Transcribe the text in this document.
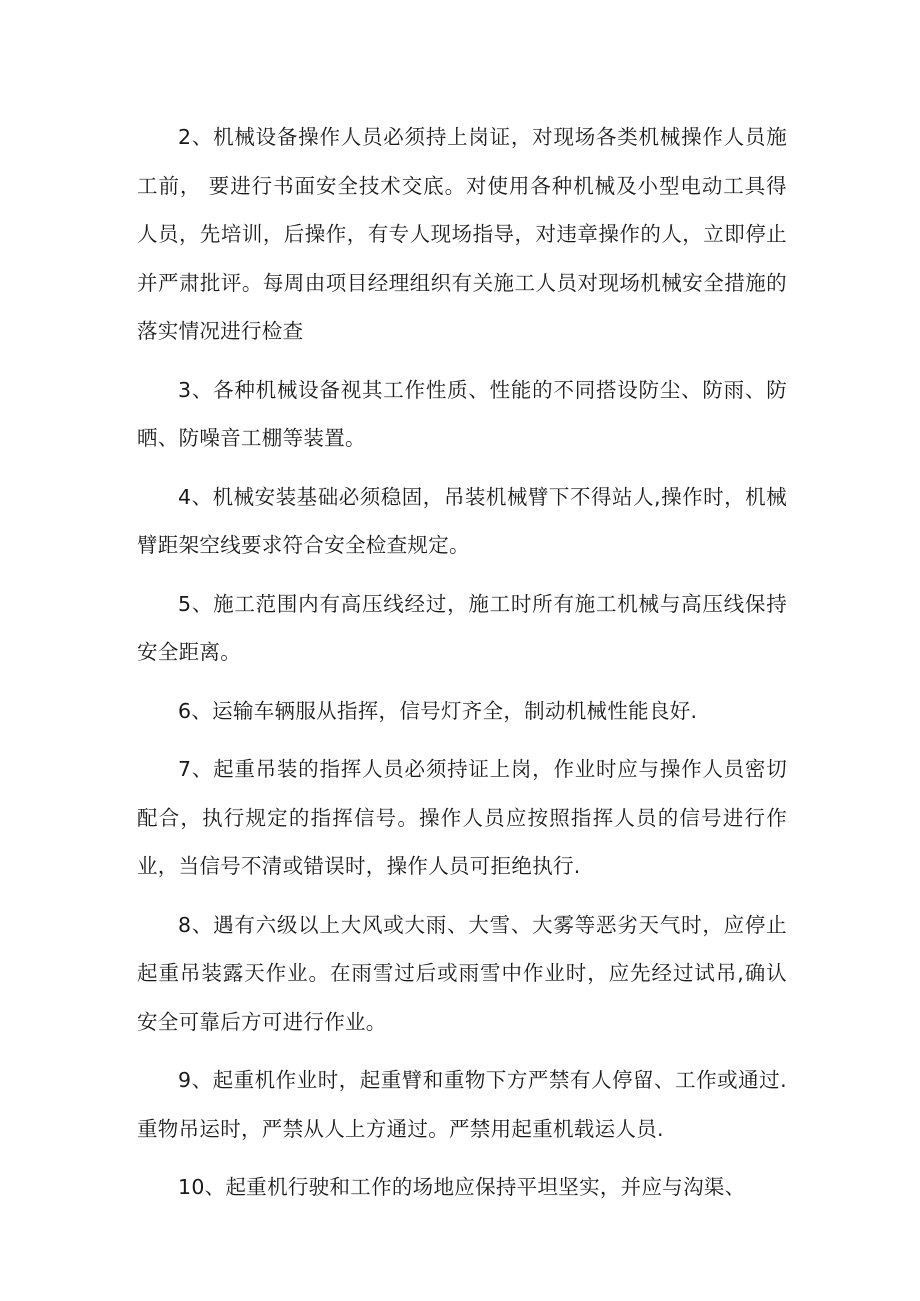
2、机械设备操作人员必须持上岗证，对现场各类机械操作人员施工前， 要进行书面安全技术交底。对使用各种机械及小型电动工具得人员，先培训，后操作，有专人现场指导，对违章操作的人，立即停止并严肃批评。每周由项目经理组织有关施工人员对现场机械安全措施的落实情况进行检查

3、各种机械设备视其工作性质、性能的不同搭设防尘、防雨、防晒、防噪音工棚等装置。

4、机械安装基础必须稳固，吊装机械臂下不得站人,操作时，机械臂距架空线要求符合安全检查规定。

5、施工范围内有高压线经过，施工时所有施工机械与高压线保持安全距离。

6、运输车辆服从指挥，信号灯齐全，制动机械性能良好.

7、起重吊装的指挥人员必须持证上岗，作业时应与操作人员密切配合，执行规定的指挥信号。操作人员应按照指挥人员的信号进行作业，当信号不清或错误时，操作人员可拒绝执行.

8、遇有六级以上大风或大雨、大雪、大雾等恶劣天气时，应停止起重吊装露天作业。在雨雪过后或雨雪中作业时，应先经过试吊,确认安全可靠后方可进行作业。

9、起重机作业时，起重臂和重物下方严禁有人停留、工作或通过.重物吊运时，严禁从人上方通过。严禁用起重机载运人员.

10、起重机行驶和工作的场地应保持平坦坚实，并应与沟渠、
